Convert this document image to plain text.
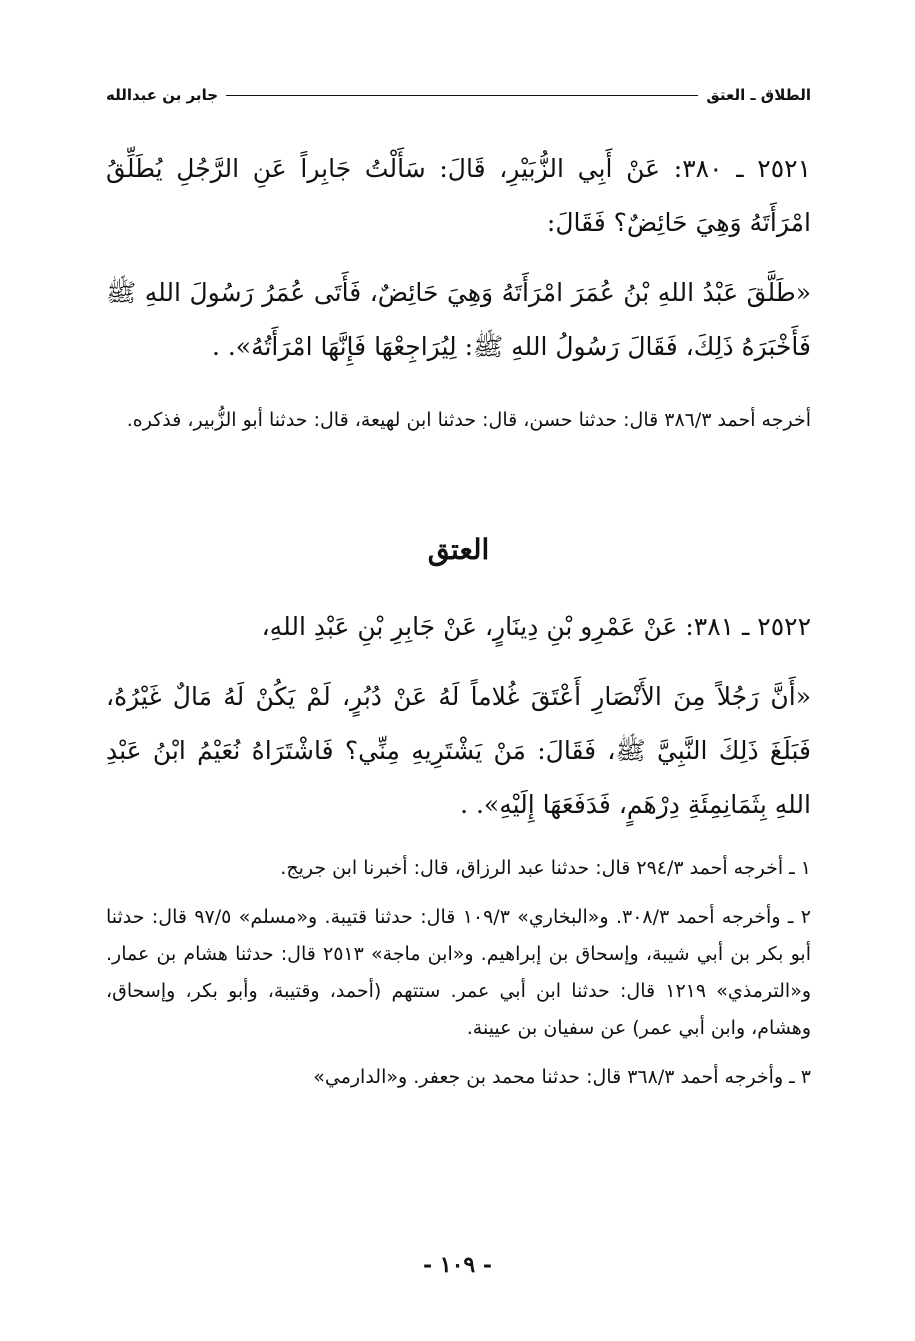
الطلاق ـ العتق
جابر بن عبدالله

٢٥٢١ ـ ٣٨٠: عَنْ أَبِي الزُّبَيْرِ، قَالَ: سَأَلْتُ جَابِراً عَنِ الرَّجُلِ يُطَلِّقُ امْرَأَتَهُ وَهِيَ حَائِضٌ؟ فَقَالَ:

«طَلَّقَ عَبْدُ اللهِ بْنُ عُمَرَ امْرَأَتَهُ وَهِيَ حَائِضٌ، فَأَتَى عُمَرُ رَسُولَ اللهِ ﷺ فَأَخْبَرَهُ ذَلِكَ، فَقَالَ رَسُولُ اللهِ ﷺ: لِيُرَاجِعْهَا فَإِنَّهَا امْرَأَتُهُ». .

أخرجه أحمد ٣٨٦/٣ قال: حدثنا حسن، قال: حدثنا ابن لهيعة، قال: حدثنا أبو الزُّبير، فذكره.

العتق

٢٥٢٢ ـ ٣٨١: عَنْ عَمْرِو بْنِ دِينَارٍ، عَنْ جَابِرِ بْنِ عَبْدِ اللهِ،

«أَنَّ رَجُلاً مِنَ الأَنْصَارِ أَعْتَقَ غُلاماً لَهُ عَنْ دُبُرٍ، لَمْ يَكُنْ لَهُ مَالٌ غَيْرُهُ، فَبَلَغَ ذَلِكَ النَّبِيَّ ﷺ، فَقَالَ: مَنْ يَشْتَرِيهِ مِنِّي؟ فَاشْتَرَاهُ نُعَيْمُ ابْنُ عَبْدِ اللهِ بِثَمَانِمِئَةِ دِرْهَمٍ، فَدَفَعَهَا إِلَيْهِ». .

١ ـ أخرجه أحمد ٢٩٤/٣ قال: حدثنا عبد الرزاق، قال: أخبرنا ابن جريج.

٢ ـ وأخرجه أحمد ٣٠٨/٣. و«البخاري» ١٠٩/٣ قال: حدثنا قتيبة. و«مسلم» ٩٧/٥ قال: حدثنا أبو بكر بن أبي شيبة، وإسحاق بن إبراهيم. و«ابن ماجة» ٢٥١٣ قال: حدثنا هشام بن عمار. و«الترمذي» ١٢١٩ قال: حدثنا ابن أبي عمر. ستتهم (أحمد، وقتيبة، وأبو بكر، وإسحاق، وهشام، وابن أبي عمر) عن سفيان بن عيينة.

٣ ـ وأخرجه أحمد ٣٦٨/٣ قال: حدثنا محمد بن جعفر. و«الدارمي»

- ١٠٩ -
